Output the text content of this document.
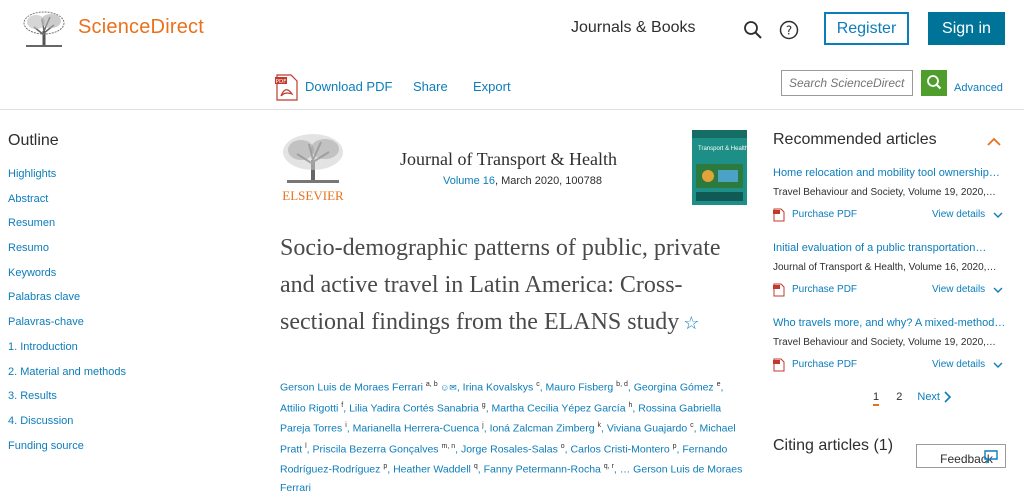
ScienceDirect	Journals & Books	?	Register	Sign in
PDF Download PDF Share Export
Search ScienceDirect	Advanced
Outline
Highlights
Abstract
Resumen
Resumo
Keywords
Palabras clave
Palavras-chave
1. Introduction
2. Material and methods
3. Results
4. Discussion
Funding source
ELSEVIER
Journal of Transport & Health
Volume 16, March 2020, 100788
Transport & Health
Socio-demographic patterns of public, private and active travel in Latin America: Cross-sectional findings from the ELANS study ☆
Gerson Luis de Moraes Ferrari $^{a, b}$ ☺✉, Irina Kovalskys $^c$, Mauro Fisberg $^{b, d}$, Georgina Gómez $^e$, Attilio Rigotti $^f$, Lilia Yadira Cortés Sanabria $^g$, Martha Cecilia Yépez García $^h$, Rossina Gabriella Pareja Torres $^i$, Marianella Herrera-Cuenca $^j$, Ioná Zalcman Zimberg $^k$, Viviana Guajardo $^c$, Michael Pratt $^l$, Priscila Bezerra Gonçalves $^{m, n}$, Jorge Rosales-Salas $^o$, Carlos Cristi-Montero $^p$, Fernando Rodríguez-Rodríguez $^p$, Heather Waddell $^q$, Fanny Petermann-Rocha $^{q, r}$, … Gerson Luis de Moraes Ferrari
Recommended articles
Home relocation and mobility tool ownership…
Travel Behaviour and Society, Volume 19, 2020,…
Purchase PDF	View details
Initial evaluation of a public transportation…
Journal of Transport & Health, Volume 16, 2020,…
Purchase PDF	View details
Who travels more, and why? A mixed-method…
Travel Behaviour and Society, Volume 19, 2020,…
Purchase PDF	View details
1 2 Next
Citing articles (1)
Feedback
